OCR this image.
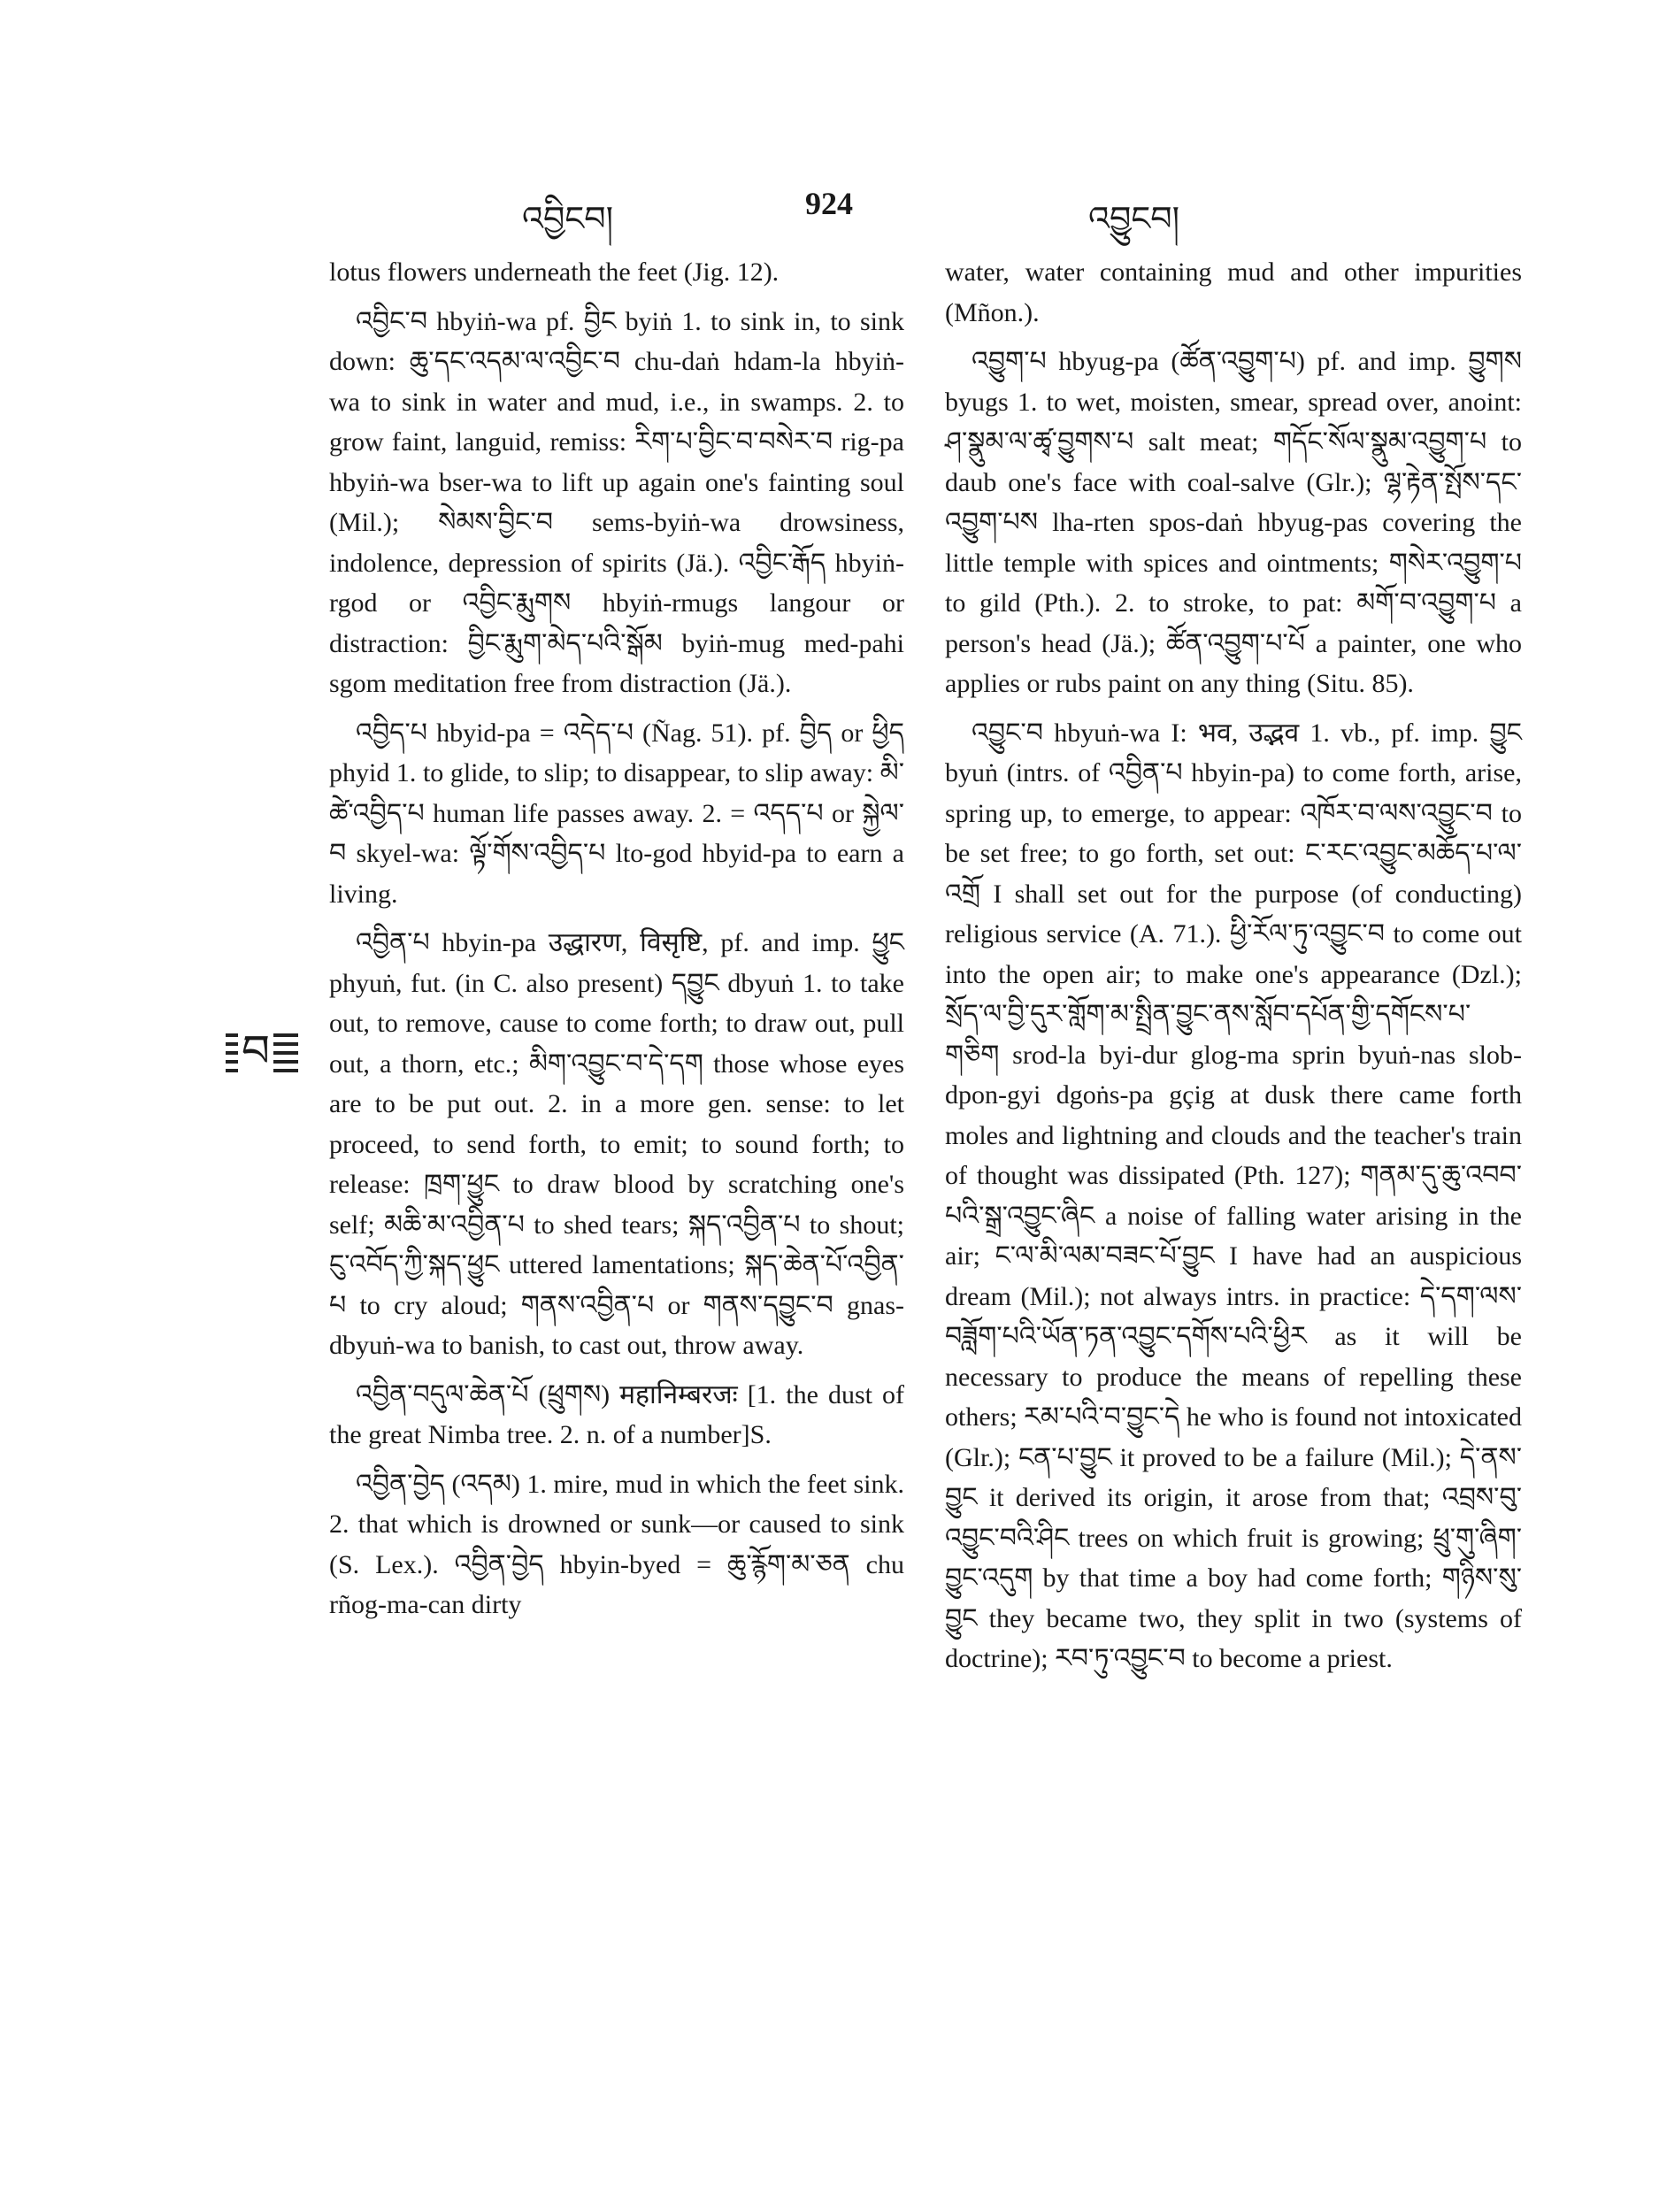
འབྱིངབ།	924	འབྱུངབ།
བ

lotus flowers underneath the feet (Jig. 12).

འབྱིང་བ hbyiṅ-wa pf. བྱིང byiṅ 1. to sink in, to sink down: ཆུ་དང་འདམ་ལ་འབྱིང་བ chu-daṅ hdam-la hbyiṅ-wa to sink in water and mud, i.e., in swamps. 2. to grow faint, languid, remiss: རིག་པ་བྱིང་བ་བསེར་བ rig-pa hbyiṅ-wa bser-wa to lift up again one's fainting soul (Mil.); སེམས་བྱིང་བ sems-byiṅ-wa drowsiness, indolence, depression of spirits (Jä.). འབྱིང་རྒོད hbyiṅ-rgod or འབྱིང་རྨུགས hbyiṅ-rmugs langour or distraction: བྱིང་རྨུག་མེད་པའི་སྒོམ byiṅ-mug med-pahi sgom meditation free from distraction (Jä.).

འབྱིད་པ hbyid-pa = འདེད་པ (Ñag. 51). pf. བྱིད or ཕྱིད phyid 1. to glide, to slip; to disappear, to slip away: མི་ཚེ་འབྱིད་པ human life passes away. 2. = འདད་པ or སྐྱེལ་བ skyel-wa: ལྟོ་གོས་འབྱིད་པ lto-god hbyid-pa to earn a living.

འབྱིན་པ hbyin-pa उद्धारण, विसृष्टि, pf. and imp. ཕྱུང phyuṅ, fut. (in C. also present) དབྱུང dbyuṅ 1. to take out, to remove, cause to come forth; to draw out, pull out, a thorn, etc.; མིག་འབྱུང་བ་དེ་དག those whose eyes are to be put out. 2. in a more gen. sense: to let proceed, to send forth, to emit; to sound forth; to release: ཁྲག་ཕྱུང to draw blood by scratching one's self; མཆི་མ་འབྱིན་པ to shed tears; སྐད་འབྱིན་པ to shout; ངུ་འབོད་ཀྱི་སྐད་ཕྱུང uttered lamentations; སྐད་ཆེན་པོ་འབྱིན་པ to cry aloud; གནས་འབྱིན་པ or གནས་དབྱུང་བ gnas-dbyuṅ-wa to banish, to cast out, throw away.

འབྱིན་བདུལ་ཆེན་པོ (ཕྲུགས) महानिम्बरजः [1. the dust of the great Nimba tree. 2. n. of a number]S.

འབྱིན་བྱེད (འདམ) 1. mire, mud in which the feet sink. 2. that which is drowned or sunk—or caused to sink (S. Lex.). འབྱིན་བྱེད hbyin-byed = ཆུ་རྙོག་མ་ཅན chu rñog-ma-can dirty

water, water containing mud and other impurities (Mñon.).

འབྱུག་པ hbyug-pa (ཚོན་འབྱུག་པ) pf. and imp. བྱུགས byugs 1. to wet, moisten, smear, spread over, anoint: ཤ་སྣུམ་ལ་ཚྭ་བྱུགས་པ salt meat; གདོང་སོལ་སྣུམ་འབྱུག་པ to daub one's face with coal-salve (Glr.); ལྷ་རྟེན་སྤོས་དང་འབྱུག་པས lha-rten spos-daṅ hbyug-pas covering the little temple with spices and ointments; གསེར་འབྱུག་པ to gild (Pth.). 2. to stroke, to pat: མགོ་བ་འབྱུག་པ a person's head (Jä.); ཚོན་འབྱུག་པ་པོ a painter, one who applies or rubs paint on any thing (Situ. 85).

འབྱུང་བ hbyuṅ-wa I: भव, उद्भव 1. vb., pf. imp. བྱུང byuṅ (intrs. of འབྱིན་པ hbyin-pa) to come forth, arise, spring up, to emerge, to appear: འཁོར་བ་ལས་འབྱུང་བ to be set free; to go forth, set out: ང་རང་འབྱུང་མཆོད་པ་ལ་འགྲོ I shall set out for the purpose (of conducting) religious service (A. 71.). ཕྱི་རོལ་ཏུ་འབྱུང་བ to come out into the open air; to make one's appearance (Dzl.); སྲོད་ལ་བྱི་དུར་གློག་མ་སྤྲིན་བྱུང་ནས་སློབ་དཔོན་གྱི་དགོངས་པ་གཅིག srod-la byi-dur glog-ma sprin byuṅ-nas slob-dpon-gyi dgoṅs-pa gçig at dusk there came forth moles and lightning and clouds and the teacher's train of thought was dissipated (Pth. 127); གནམ་དུ་ཆུ་འབབ་པའི་སྒྲ་འབྱུང་ཞིང a noise of falling water arising in the air; ང་ལ་མི་ལམ་བཟང་པོ་བྱུང I have had an auspicious dream (Mil.); not always intrs. in practice: དེ་དག་ལས་བཟློག་པའི་ཡོན་ཏན་འབྱུང་དགོས་པའི་ཕྱིར as it will be necessary to produce the means of repelling these others; རམ་པའི་བ་བྱུང་དེ he who is found not intoxicated (Glr.); ངན་པ་བྱུང it proved to be a failure (Mil.); དེ་ནས་བྱུང it derived its origin, it arose from that; འབྲས་བུ་འབྱུང་བའི་ཤིང trees on which fruit is growing; ཕྲུ་གུ་ཞིག་བྱུང་འདུག by that time a boy had come forth; གཉིས་སུ་བྱུང they became two, they split in two (systems of doctrine); རབ་ཏུ་འབྱུང་བ to become a priest.
